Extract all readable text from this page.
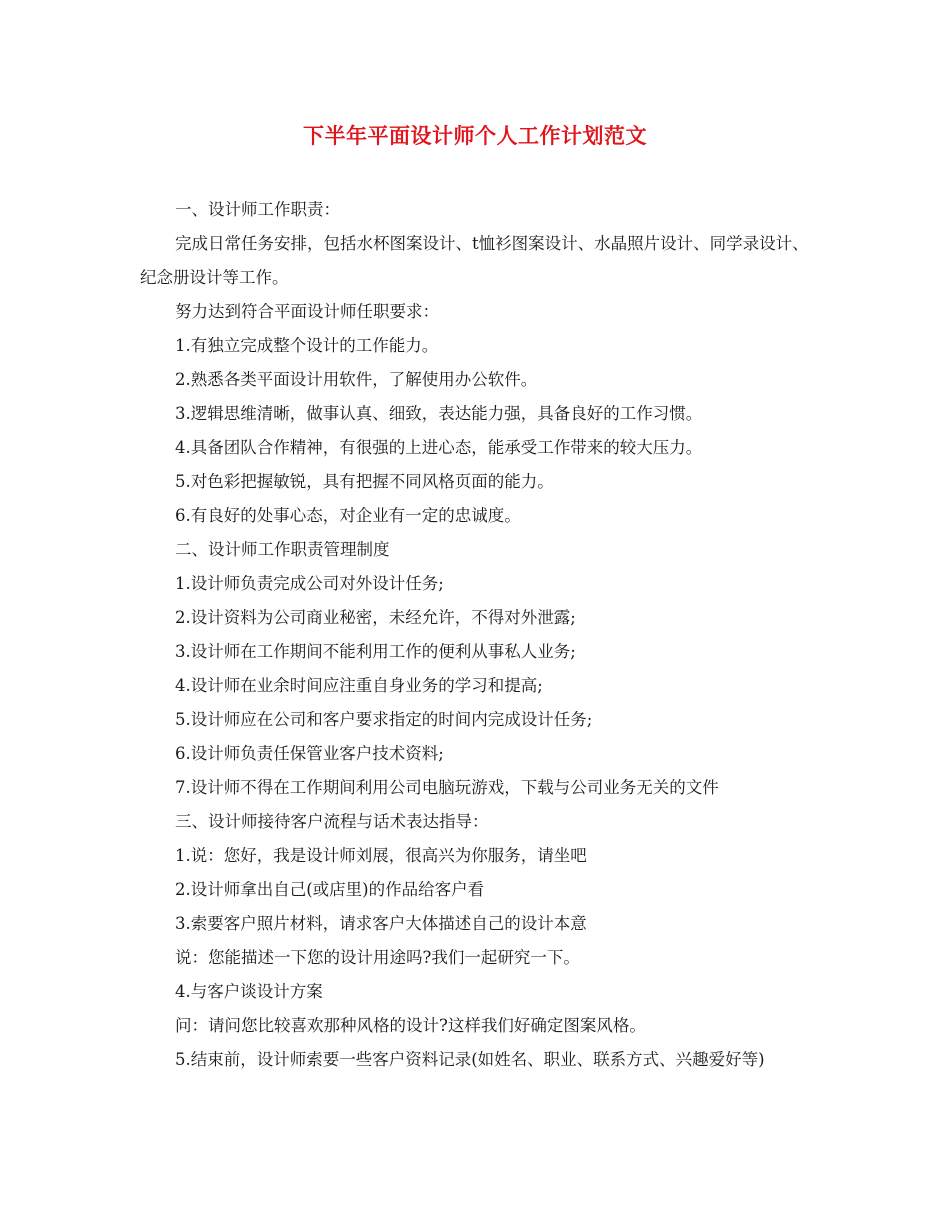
下半年平面设计师个人工作计划范文

一、设计师工作职责：

完成日常任务安排，包括水杯图案设计、t恤衫图案设计、水晶照片设计、同学录设计、纪念册设计等工作。

努力达到符合平面设计师任职要求：

1.有独立完成整个设计的工作能力。

2.熟悉各类平面设计用软件，了解使用办公软件。

3.逻辑思维清晰，做事认真、细致，表达能力强，具备良好的工作习惯。

4.具备团队合作精神，有很强的上进心态，能承受工作带来的较大压力。

5.对色彩把握敏锐，具有把握不同风格页面的能力。

6.有良好的处事心态，对企业有一定的忠诚度。

二、设计师工作职责管理制度

1.设计师负责完成公司对外设计任务;

2.设计资料为公司商业秘密，未经允许，不得对外泄露;

3.设计师在工作期间不能利用工作的便利从事私人业务;

4.设计师在业余时间应注重自身业务的学习和提高;

5.设计师应在公司和客户要求指定的时间内完成设计任务;

6.设计师负责任保管业客户技术资料;

7.设计师不得在工作期间利用公司电脑玩游戏，下载与公司业务无关的文件

三、设计师接待客户流程与话术表达指导：

1.说：您好，我是设计师刘展，很高兴为你服务，请坐吧

2.设计师拿出自己(或店里)的作品给客户看

3.索要客户照片材料，请求客户大体描述自己的设计本意

说：您能描述一下您的设计用途吗?我们一起研究一下。

4.与客户谈设计方案

问：请问您比较喜欢那种风格的设计?这样我们好确定图案风格。

5.结束前，设计师索要一些客户资料记录(如姓名、职业、联系方式、兴趣爱好等)
